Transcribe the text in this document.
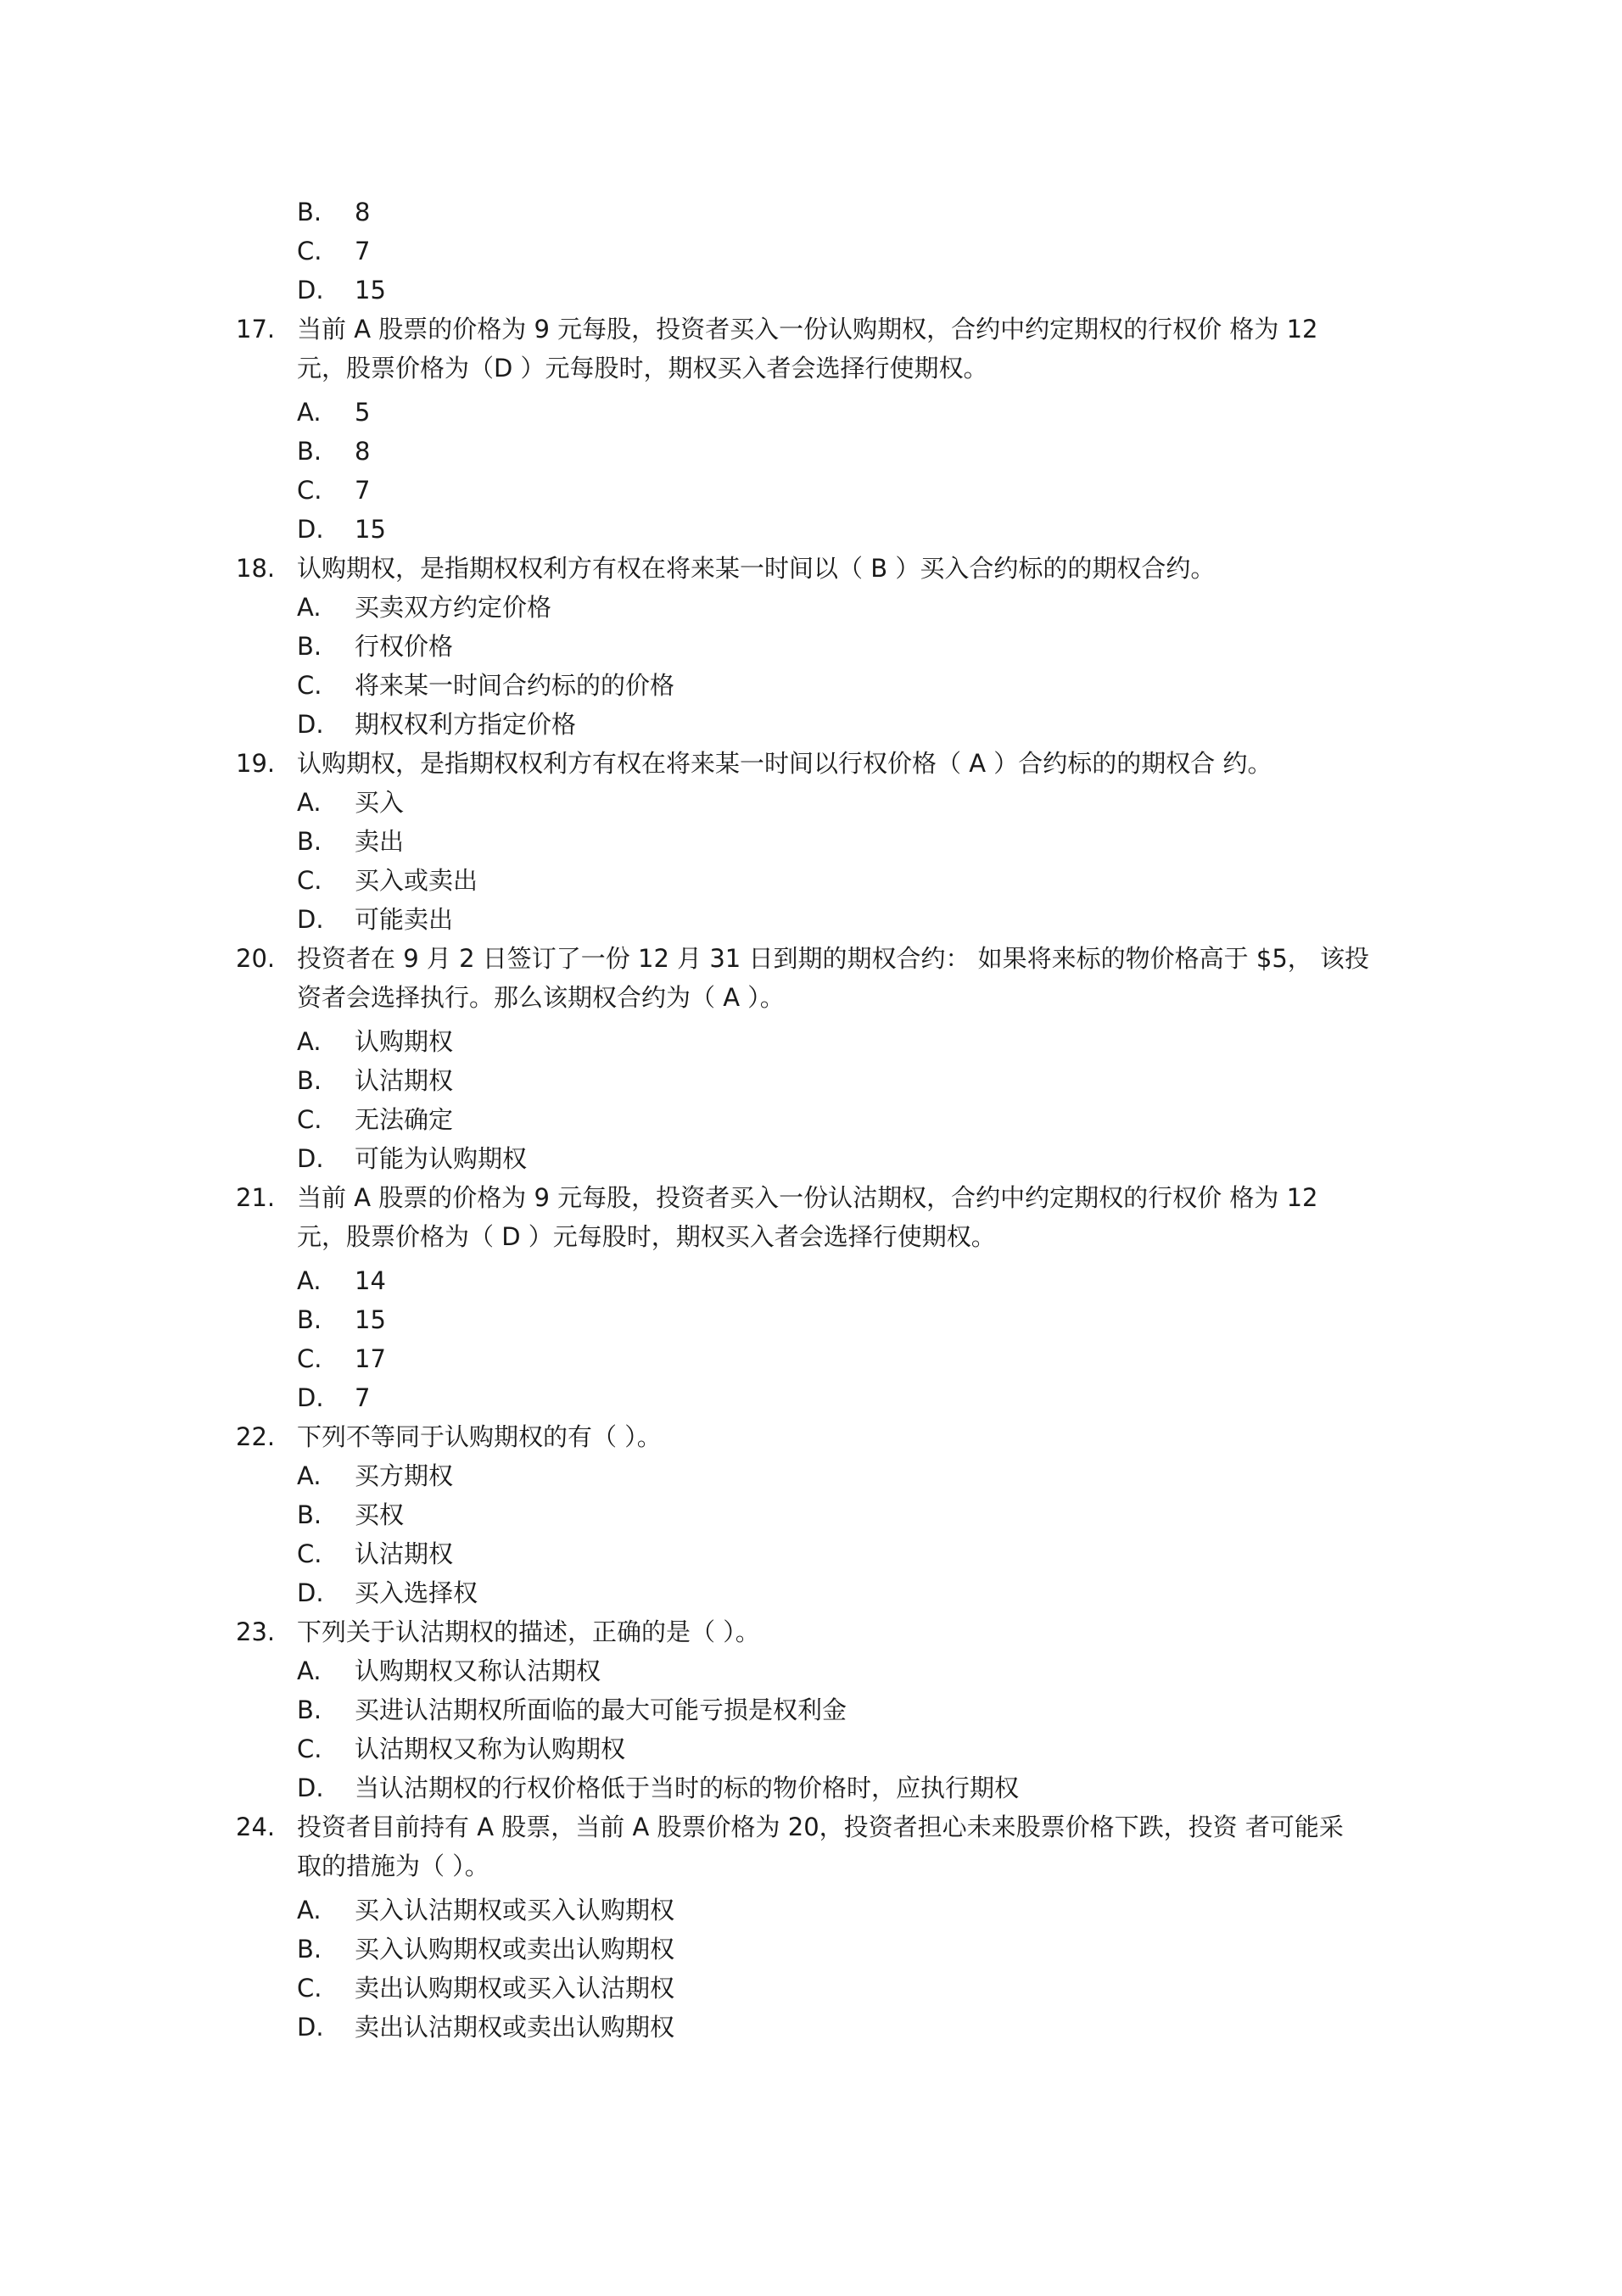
B. 8
C. 7
D. 15
17. 当前 A 股票的价格为 9 元每股，投资者买入一份认购期权，合约中约定期权的行权价 格为 12
元，股票价格为（D ）元每股时，期权买入者会选择行使期权。
A. 5
B. 8
C. 7
D. 15
18. 认购期权，是指期权权利方有权在将来某一时间以（ B ）买入合约标的的期权合约。
A. 买卖双方约定价格
B. 行权价格
C. 将来某一时间合约标的的价格
D. 期权权利方指定价格
19. 认购期权，是指期权权利方有权在将来某一时间以行权价格（ A ）合约标的的期权合 约。
A. 买入
B. 卖出
C. 买入或卖出
D. 可能卖出
20. 投资者在 9 月 2 日签订了一份 12 月 31 日到期的期权合约： 如果将来标的物价格高于 $5， 该投
资者会选择执行。那么该期权合约为（ A ）。
A. 认购期权
B. 认沽期权
C. 无法确定
D. 可能为认购期权
21. 当前 A 股票的价格为 9 元每股，投资者买入一份认沽期权，合约中约定期权的行权价 格为 12
元，股票价格为（ D ）元每股时，期权买入者会选择行使期权。
A. 14
B. 15
C. 17
D. 7
22. 下列不等同于认购期权的有（ ）。
A. 买方期权
B. 买权
C. 认沽期权
D. 买入选择权
23. 下列关于认沽期权的描述，正确的是（ ）。
A. 认购期权又称认沽期权
B. 买进认沽期权所面临的最大可能亏损是权利金
C. 认沽期权又称为认购期权
D. 当认沽期权的行权价格低于当时的标的物价格时，应执行期权
24. 投资者目前持有 A 股票，当前 A 股票价格为 20，投资者担心未来股票价格下跌，投资 者可能采
取的措施为（ ）。
A. 买入认沽期权或买入认购期权
B. 买入认购期权或卖出认购期权
C. 卖出认购期权或买入认沽期权
D. 卖出认沽期权或卖出认购期权
